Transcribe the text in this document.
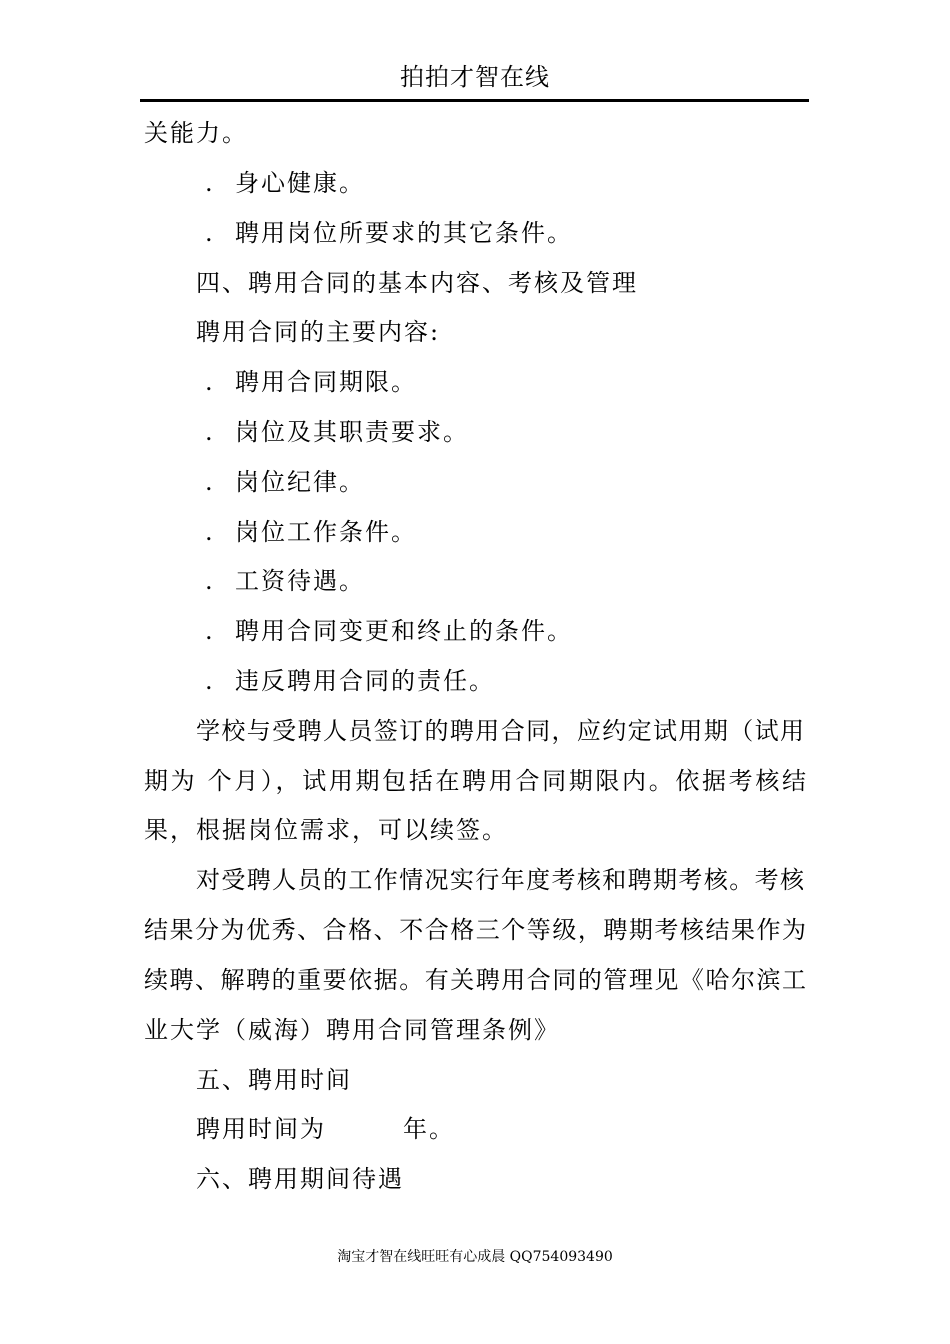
拍拍才智在线
关能力。
. 身心健康。
. 聘用岗位所要求的其它条件。
四、聘用合同的基本内容、考核及管理
聘用合同的主要内容:
. 聘用合同期限。
. 岗位及其职责要求。
. 岗位纪律。
. 岗位工作条件。
. 工资待遇。
. 聘用合同变更和终止的条件。
. 违反聘用合同的责任。
学校与受聘人员签订的聘用合同，应约定试用期（试用
期为 个月），试用期包括在聘用合同期限内。依据考核结
果，根据岗位需求，可以续签。
对受聘人员的工作情况实行年度考核和聘期考核。考核
结果分为优秀、合格、不合格三个等级，聘期考核结果作为
续聘、解聘的重要依据。有关聘用合同的管理见《哈尔滨工
业大学（威海）聘用合同管理条例》
五、聘用时间
聘用时间为        年。
六、聘用期间待遇
淘宝才智在线旺旺有心成晨 QQ754093490
